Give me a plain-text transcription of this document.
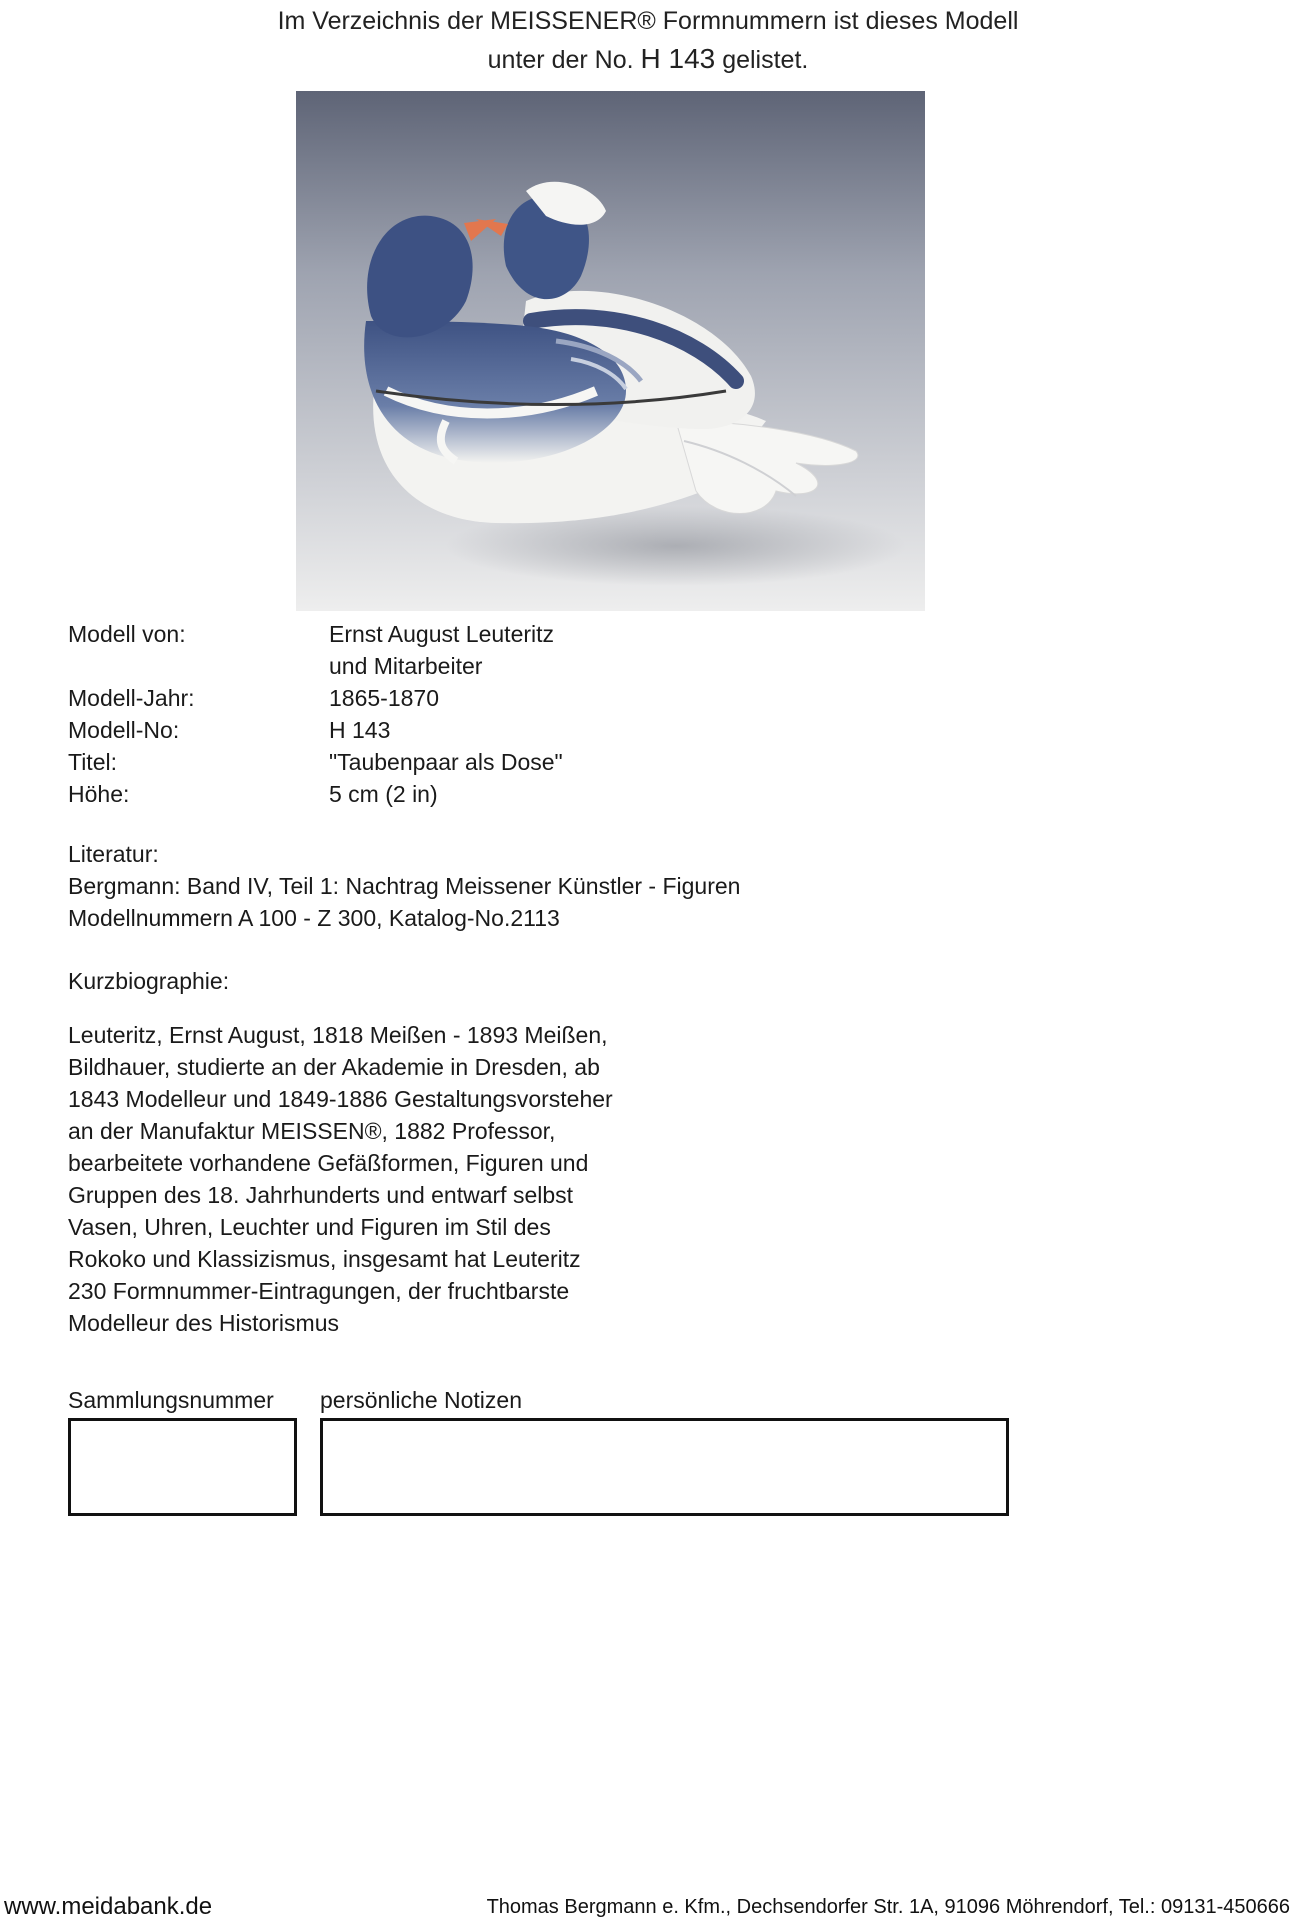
Im Verzeichnis der MEISSENER® Formnummern ist dieses Modell
unter der No. H 143 gelistet.
Modell von:	Ernst August Leuteritz
und Mitarbeiter
Modell-Jahr:	1865-1870
Modell-No:	H 143
Titel:	"Taubenpaar als Dose"
Höhe:	5 cm (2 in)
Literatur:
Bergmann: Band IV, Teil 1: Nachtrag Meissener Künstler - Figuren
Modellnummern A 100 - Z 300, Katalog-No.2113
Kurzbiographie:
Leuteritz, Ernst August, 1818 Meißen - 1893 Meißen,
Bildhauer, studierte an der Akademie in Dresden, ab
1843 Modelleur und 1849-1886 Gestaltungsvorsteher
an der Manufaktur MEISSEN®, 1882 Professor,
bearbeitete vorhandene Gefäßformen, Figuren und
Gruppen des 18. Jahrhunderts und entwarf selbst
Vasen, Uhren, Leuchter und Figuren im Stil des
Rokoko und Klassizismus, insgesamt hat Leuteritz
230 Formnummer-Eintragungen, der fruchtbarste
Modelleur des Historismus
Sammlungsnummer persönliche Notizen
www.meidabank.de	Thomas Bergmann e. Kfm., Dechsendorfer Str. 1A, 91096 Möhrendorf, Tel.: 09131-450666
